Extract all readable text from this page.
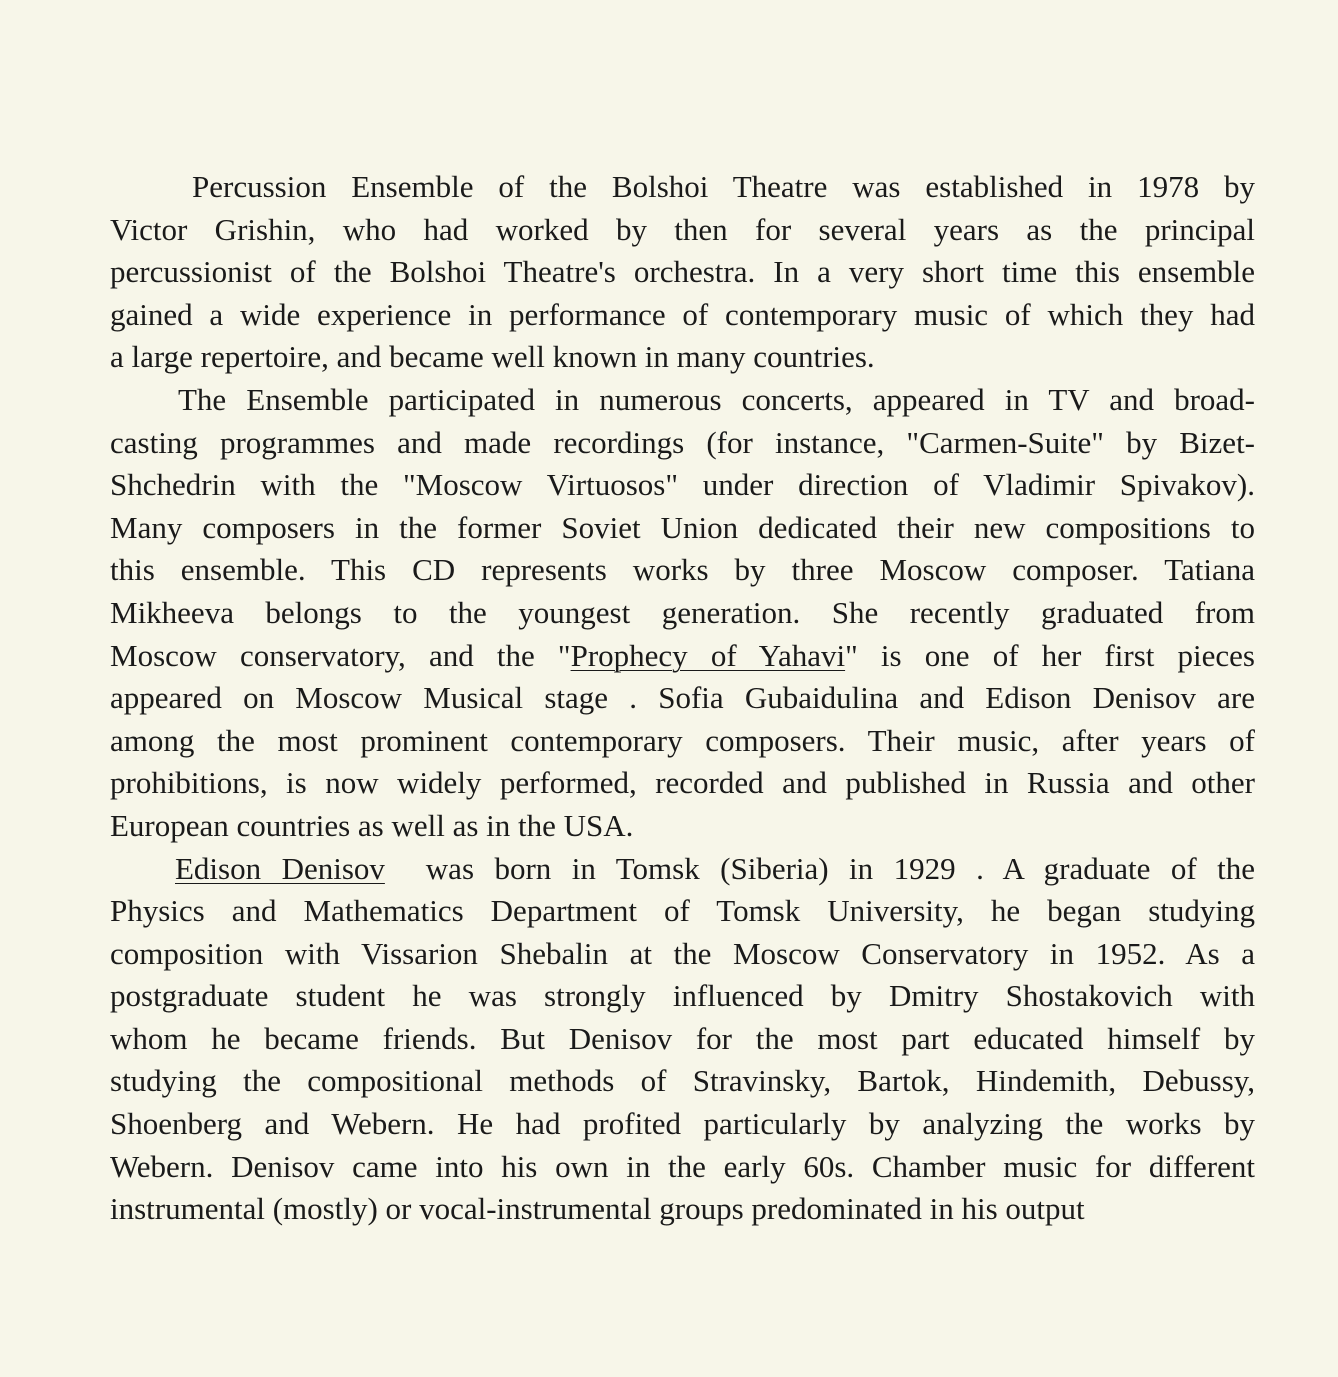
Percussion Ensemble of the Bolshoi Theatre was established in 1978 by
Victor Grishin, who had worked by then for several years as the principal
percussionist of the Bolshoi Theatre's orchestra. In a very short time this ensemble
gained a wide experience in performance of contemporary music of which they had
a large repertoire, and became well known in many countries.
The Ensemble participated in numerous concerts, appeared in TV and broad-
casting programmes and made recordings (for instance, "Carmen-Suite" by Bizet-
Shchedrin with the "Moscow Virtuosos" under direction of Vladimir Spivakov).
Many composers in the former Soviet Union dedicated their new compositions to
this ensemble. This CD represents works by three Moscow composer. Tatiana
Mikheeva belongs to the youngest generation. She recently graduated from
Moscow conservatory, and the "Prophecy of Yahavi" is one of her first pieces
appeared on Moscow Musical stage . Sofia Gubaidulina and Edison Denisov are
among the most prominent contemporary composers. Their music, after years of
prohibitions, is now widely performed, recorded and published in Russia and other
European countries as well as in the USA.
Edison Denisov was born in Tomsk (Siberia) in 1929 . A graduate of the
Physics and Mathematics Department of Tomsk University, he began studying
composition with Vissarion Shebalin at the Moscow Conservatory in 1952. As a
postgraduate student he was strongly influenced by Dmitry Shostakovich with
whom he became friends. But Denisov for the most part educated himself by
studying the compositional methods of Stravinsky, Bartok, Hindemith, Debussy,
Shoenberg and Webern. He had profited particularly by analyzing the works by
Webern. Denisov came into his own in the early 60s. Chamber music for different
instrumental (mostly) or vocal-instrumental groups predominated in his output
